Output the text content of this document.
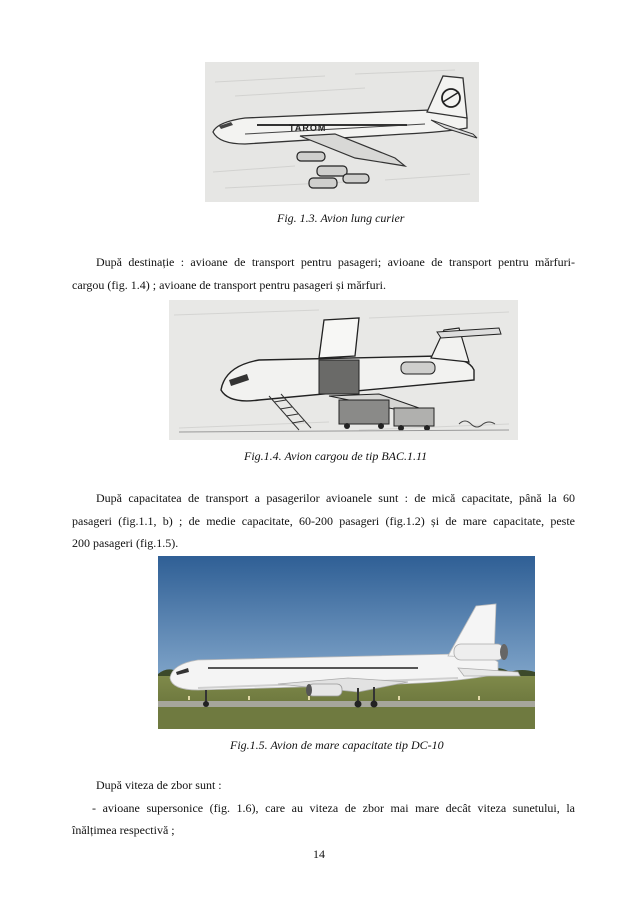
TAROM
Fig. 1.3. Avion lung curier

După destinație : avioane de transport pentru pasageri; avioane de transport pentru mărfuri-
cargou (fig. 1.4) ; avioane de transport pentru pasageri și mărfuri.

Fig.1.4. Avion cargou de tip BAC.1.11

După capacitatea de transport a pasagerilor avioanele sunt : de mică capacitate, până la 60
pasageri (fig.1.1, b) ; de medie capacitate, 60-200 pasageri (fig.1.2) și de mare capacitate, peste
200 pasageri (fig.1.5).

Fig.1.5. Avion de mare capacitate tip DC-10

După viteza de zbor sunt :
- avioane supersonice (fig. 1.6), care au viteza de zbor mai mare decât viteza sunetului, la
înălțimea respectivă ;

14
